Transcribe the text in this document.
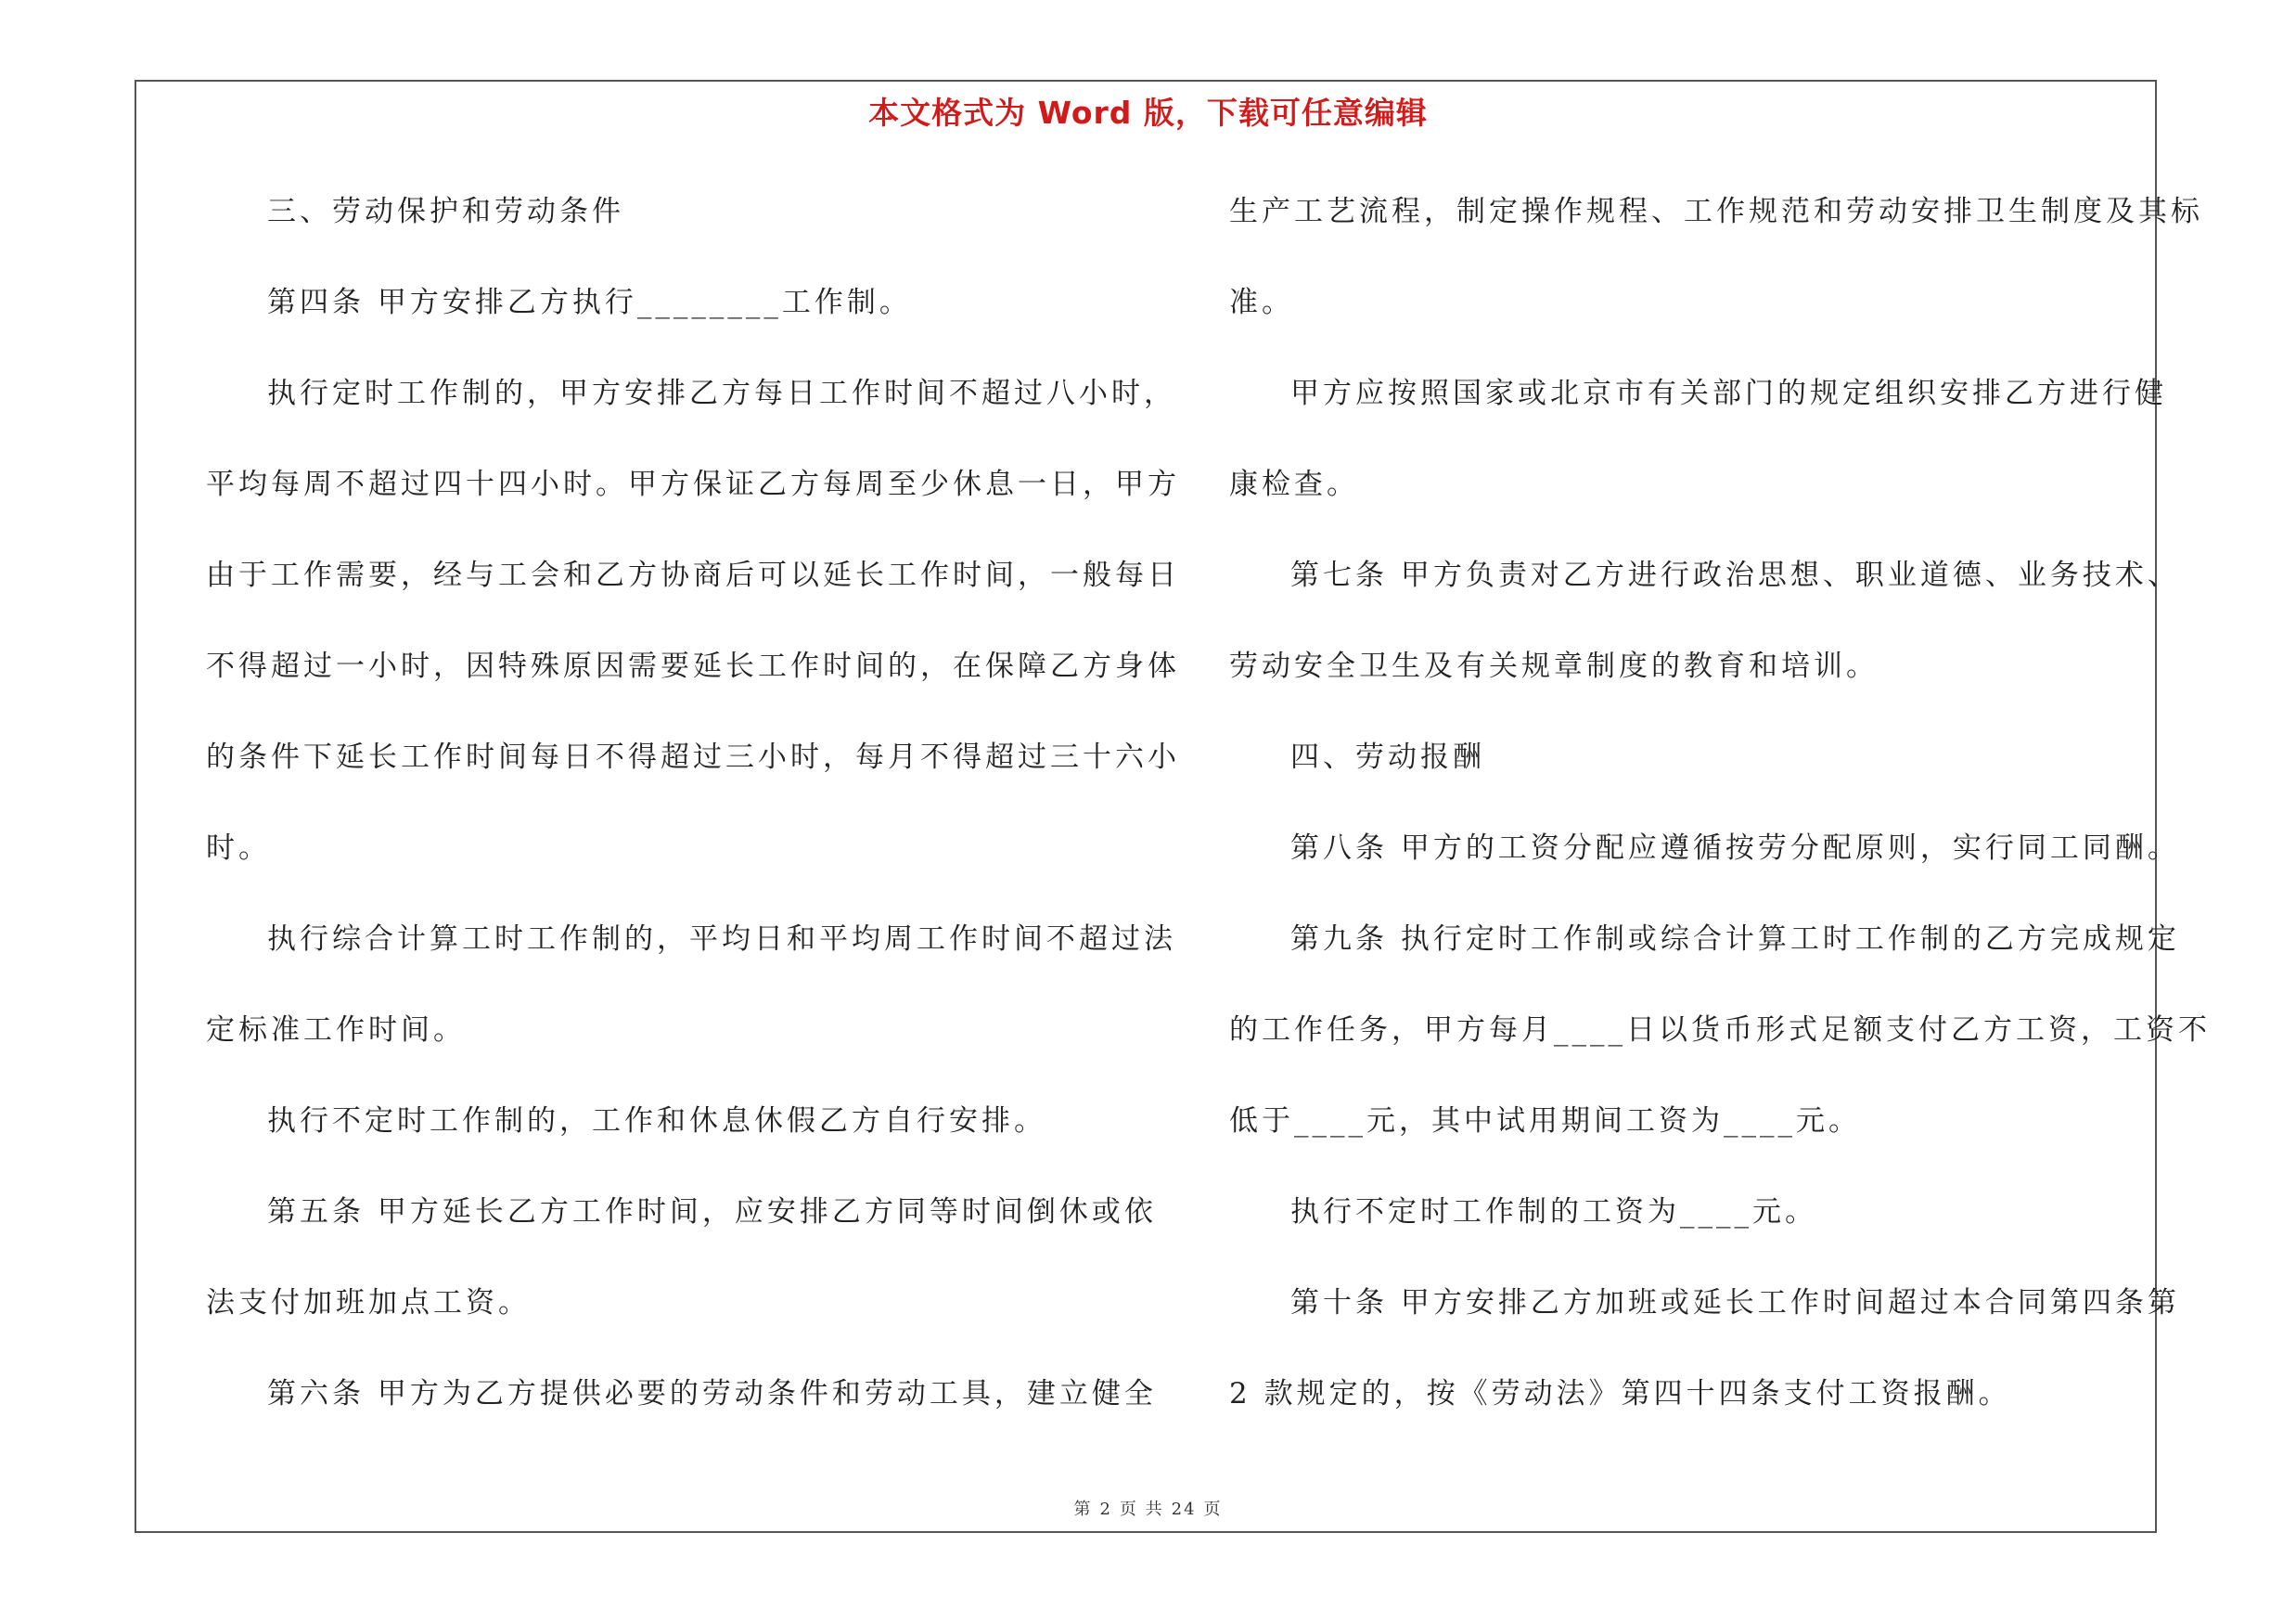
本文格式为 Word 版，下载可任意编辑
三、劳动保护和劳动条件
第四条 甲方安排乙方执行________工作制。
执行定时工作制的，甲方安排乙方每日工作时间不超过八小时，
平均每周不超过四十四小时。甲方保证乙方每周至少休息一日，甲方
由于工作需要，经与工会和乙方协商后可以延长工作时间，一般每日
不得超过一小时，因特殊原因需要延长工作时间的，在保障乙方身体
的条件下延长工作时间每日不得超过三小时，每月不得超过三十六小
时。
执行综合计算工时工作制的，平均日和平均周工作时间不超过法
定标准工作时间。
执行不定时工作制的，工作和休息休假乙方自行安排。
第五条 甲方延长乙方工作时间，应安排乙方同等时间倒休或依
法支付加班加点工资。
第六条 甲方为乙方提供必要的劳动条件和劳动工具，建立健全
生产工艺流程，制定操作规程、工作规范和劳动安排卫生制度及其标
准。
甲方应按照国家或北京市有关部门的规定组织安排乙方进行健
康检查。
第七条 甲方负责对乙方进行政治思想、职业道德、业务技术、
劳动安全卫生及有关规章制度的教育和培训。
四、劳动报酬
第八条 甲方的工资分配应遵循按劳分配原则，实行同工同酬。
第九条 执行定时工作制或综合计算工时工作制的乙方完成规定
的工作任务，甲方每月____日以货币形式足额支付乙方工资，工资不
低于____元，其中试用期间工资为____元。
执行不定时工作制的工资为____元。
第十条 甲方安排乙方加班或延长工作时间超过本合同第四条第
2 款规定的，按《劳动法》第四十四条支付工资报酬。
第 2 页 共 24 页
